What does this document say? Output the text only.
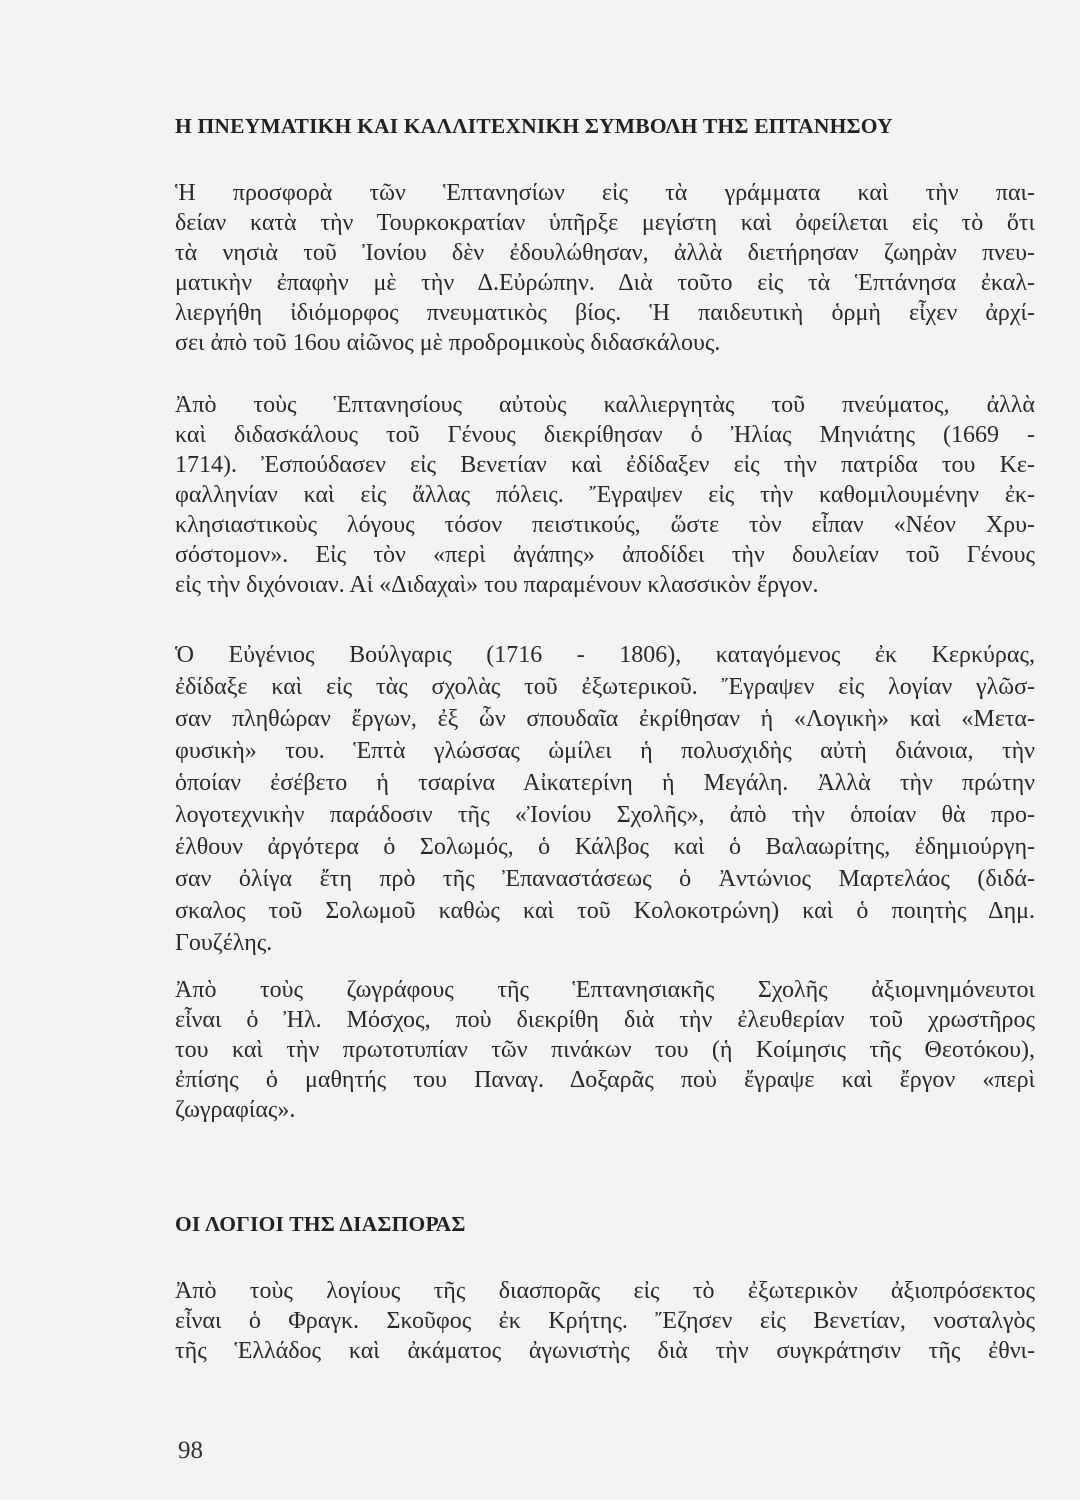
Η ΠΝΕΥΜΑΤΙΚΗ ΚΑΙ ΚΑΛΛΙΤΕΧΝΙΚΗ ΣΥΜΒΟΛΗ ΤΗΣ ΕΠΤΑΝΗΣΟΥ
Ἡ προσφορὰ τῶν Ἑπτανησίων εἰς τὰ γράμματα καὶ τὴν παι-
δείαν κατὰ τὴν Τουρκοκρατίαν ὑπῆρξε μεγίστη καὶ ὀφείλεται εἰς τὸ ὅτι
τὰ νησιὰ τοῦ Ἰονίου δὲν ἐδουλώθησαν, ἀλλὰ διετήρησαν ζωηρὰν πνευ-
ματικὴν ἐπαφὴν μὲ τὴν Δ.Εὐρώπην. Διὰ τοῦτο εἰς τὰ Ἑπτάνησα ἐκαλ-
λιεργήθη ἰδιόμορφος πνευματικὸς βίος. Ἡ παιδευτικὴ ὁρμὴ εἶχεν ἀρχί-
σει ἀπὸ τοῦ 16ου αἰῶνος μὲ προδρομικοὺς διδασκάλους.
Ἀπὸ τοὺς Ἑπτανησίους αὐτοὺς καλλιεργητὰς τοῦ πνεύματος, ἀλλὰ
καὶ διδασκάλους τοῦ Γένους διεκρίθησαν ὁ Ἠλίας Μηνιάτης (1669 -
1714). Ἐσπούδασεν εἰς Βενετίαν καὶ ἐδίδαξεν εἰς τὴν πατρίδα του Κε-
φαλληνίαν καὶ εἰς ἄλλας πόλεις. Ἔγραψεν εἰς τὴν καθομιλουμένην ἐκ-
κλησιαστικοὺς λόγους τόσον πειστικούς, ὥστε τὸν εἶπαν «Νέον Χρυ-
σόστομον». Εἰς τὸν «περὶ ἀγάπης» ἀποδίδει τὴν δουλείαν τοῦ Γένους
εἰς τὴν διχόνοιαν. Αἱ «Διδαχαὶ» του παραμένουν κλασσικὸν ἔργον.
Ὁ Εὐγένιος Βούλγαρις (1716 - 1806), καταγόμενος ἐκ Κερκύρας,
ἐδίδαξε καὶ εἰς τὰς σχολὰς τοῦ ἐξωτερικοῦ. Ἔγραψεν εἰς λογίαν γλῶσ-
σαν πληθώραν ἔργων, ἐξ ὧν σπουδαῖα ἐκρίθησαν ἡ «Λογικὴ» καὶ «Μετα-
φυσικὴ» του. Ἑπτὰ γλώσσας ὡμίλει ἡ πολυσχιδὴς αὐτὴ διάνοια, τὴν
ὁποίαν ἐσέβετο ἡ τσαρίνα Αἰκατερίνη ἡ Μεγάλη. Ἀλλὰ τὴν πρώτην
λογοτεχνικὴν παράδοσιν τῆς «Ἰονίου Σχολῆς», ἀπὸ τὴν ὁποίαν θὰ προ-
έλθουν ἀργότερα ὁ Σολωμός, ὁ Κάλβος καὶ ὁ Βαλαωρίτης, ἐδημιούργη-
σαν ὀλίγα ἔτη πρὸ τῆς Ἐπαναστάσεως ὁ Ἀντώνιος Μαρτελάος (διδά-
σκαλος τοῦ Σολωμοῦ καθὼς καὶ τοῦ Κολοκοτρώνη) καὶ ὁ ποιητὴς Δημ.
Γουζέλης.
Ἀπὸ τοὺς ζωγράφους τῆς Ἑπτανησιακῆς Σχολῆς ἀξιομνημόνευτοι
εἶναι ὁ Ἠλ. Μόσχος, ποὺ διεκρίθη διὰ τὴν ἐλευθερίαν τοῦ χρωστῆρος
του καὶ τὴν πρωτοτυπίαν τῶν πινάκων του (ἡ Κοίμησις τῆς Θεοτόκου),
ἐπίσης ὁ μαθητής του Παναγ. Δοξαρᾶς ποὺ ἔγραψε καὶ ἔργον «περὶ
ζωγραφίας».
ΟΙ ΛΟΓΙΟΙ ΤΗΣ ΔΙΑΣΠΟΡΑΣ
Ἀπὸ τοὺς λογίους τῆς διασπορᾶς εἰς τὸ ἐξωτερικὸν ἀξιοπρόσεκτος
εἶναι ὁ Φραγκ. Σκοῦφος ἐκ Κρήτης. Ἔζησεν εἰς Βενετίαν, νοσταλγὸς
τῆς Ἑλλάδος καὶ ἀκάματος ἀγωνιστὴς διὰ τὴν συγκράτησιν τῆς ἐθνι-
98
